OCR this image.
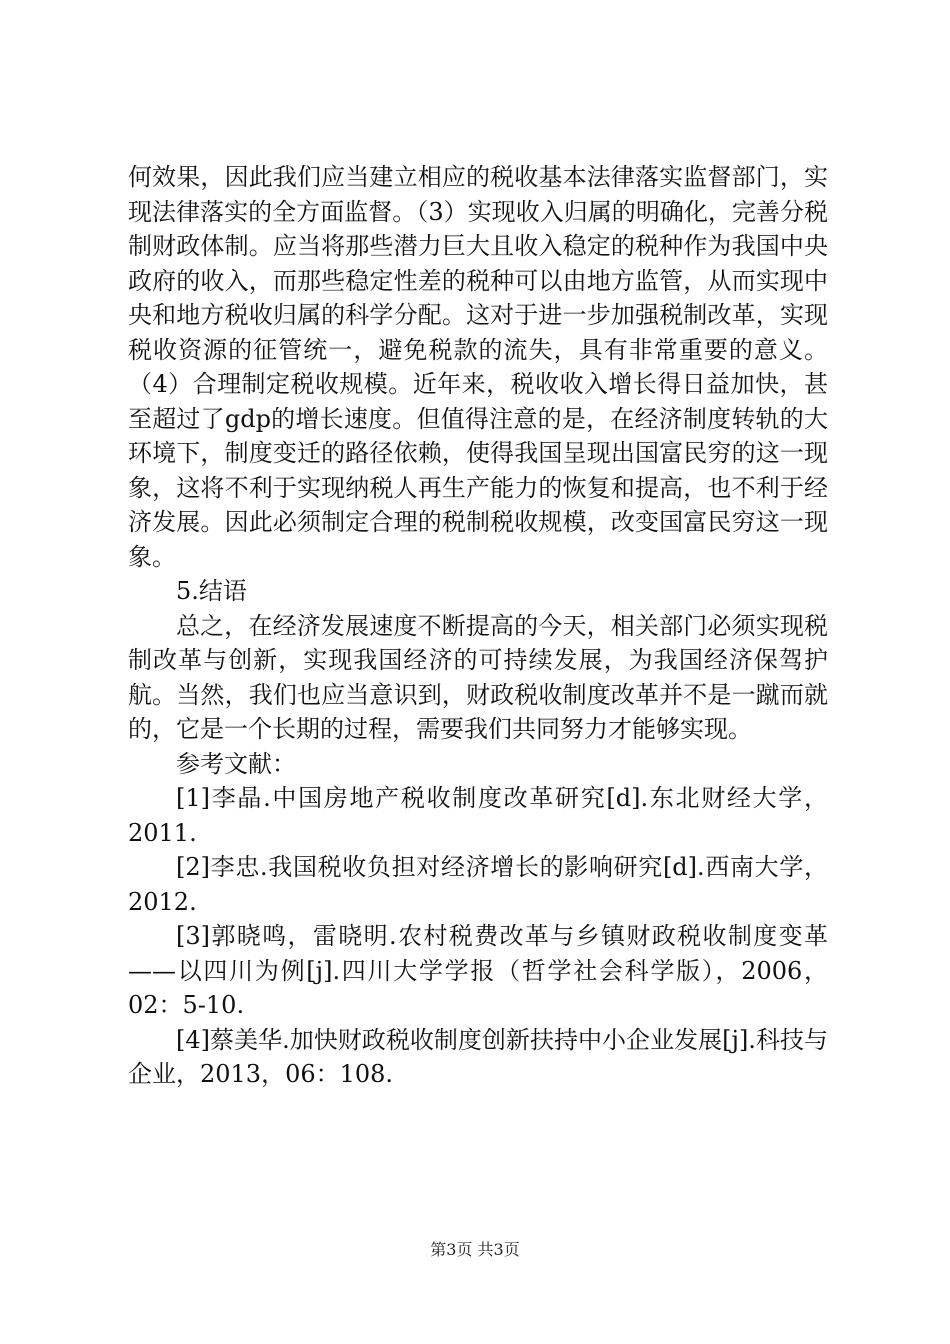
何效果，因此我们应当建立相应的税收基本法律落实监督部门，实现法律落实的全方面监督。（3）实现收入归属的明确化，完善分税制财政体制。应当将那些潜力巨大且收入稳定的税种作为我国中央政府的收入，而那些稳定性差的税种可以由地方监管，从而实现中央和地方税收归属的科学分配。这对于进一步加强税制改革，实现税收资源的征管统一，避免税款的流失，具有非常重要的意义。（4）合理制定税收规模。近年来，税收收入增长得日益加快，甚至超过了gdp的增长速度。但值得注意的是，在经济制度转轨的大环境下，制度变迁的路径依赖，使得我国呈现出国富民穷的这一现象，这将不利于实现纳税人再生产能力的恢复和提高，也不利于经济发展。因此必须制定合理的税制税收规模，改变国富民穷这一现象。

5.结语

总之，在经济发展速度不断提高的今天，相关部门必须实现税制改革与创新，实现我国经济的可持续发展，为我国经济保驾护航。当然，我们也应当意识到，财政税收制度改革并不是一蹴而就的，它是一个长期的过程，需要我们共同努力才能够实现。

参考文献：

[1]李晶.中国房地产税收制度改革研究[d].东北财经大学，2011.

[2]李忠.我国税收负担对经济增长的影响研究[d].西南大学，2012.

[3]郭晓鸣，雷晓明.农村税费改革与乡镇财政税收制度变革——以四川为例[j].四川大学学报（哲学社会科学版），2006，02：5-10.

[4]蔡美华.加快财政税收制度创新扶持中小企业发展[j].科技与企业，2013，06：108.

第3页 共3页
